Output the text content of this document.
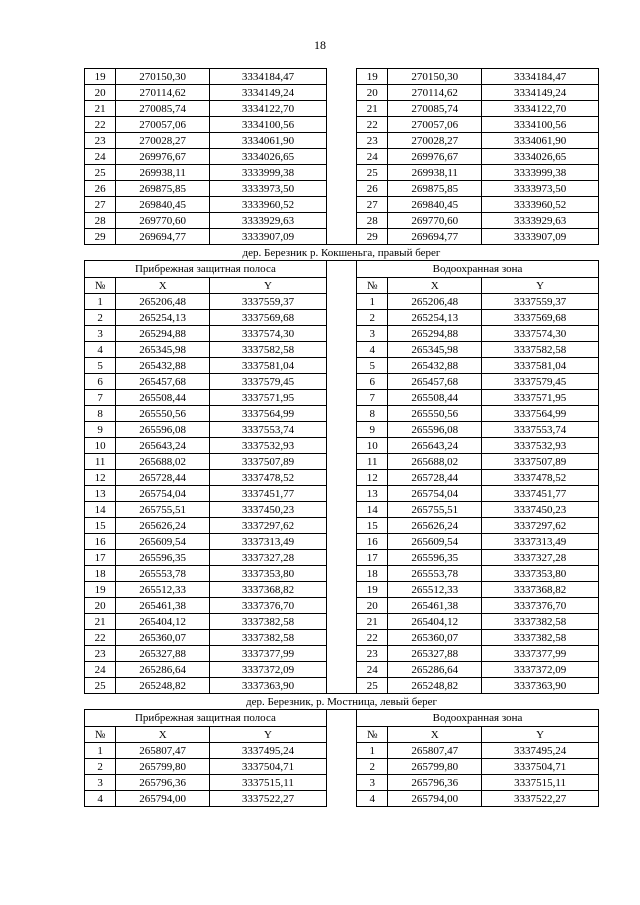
18
19	270150,30	3334184,47		19	270150,30	3334184,47
20	270114,62	3334149,24		20	270114,62	3334149,24
21	270085,74	3334122,70		21	270085,74	3334122,70
22	270057,06	3334100,56		22	270057,06	3334100,56
23	270028,27	3334061,90		23	270028,27	3334061,90
24	269976,67	3334026,65		24	269976,67	3334026,65
25	269938,11	3333999,38		25	269938,11	3333999,38
26	269875,85	3333973,50		26	269875,85	3333973,50
27	269840,45	3333960,52		27	269840,45	3333960,52
28	269770,60	3333929,63		28	269770,60	3333929,63
29	269694,77	3333907,09		29	269694,77	3333907,09
дер. Березник р. Кокшеньга, правый берег						
Прибрежная защитная полоса				Водоохранная зона		
№	X	Y		№	X	Y
1	265206,48	3337559,37		1	265206,48	3337559,37
2	265254,13	3337569,68		2	265254,13	3337569,68
3	265294,88	3337574,30		3	265294,88	3337574,30
4	265345,98	3337582,58		4	265345,98	3337582,58
5	265432,88	3337581,04		5	265432,88	3337581,04
6	265457,68	3337579,45		6	265457,68	3337579,45
7	265508,44	3337571,95		7	265508,44	3337571,95
8	265550,56	3337564,99		8	265550,56	3337564,99
9	265596,08	3337553,74		9	265596,08	3337553,74
10	265643,24	3337532,93		10	265643,24	3337532,93
11	265688,02	3337507,89		11	265688,02	3337507,89
12	265728,44	3337478,52		12	265728,44	3337478,52
13	265754,04	3337451,77		13	265754,04	3337451,77
14	265755,51	3337450,23		14	265755,51	3337450,23
15	265626,24	3337297,62		15	265626,24	3337297,62
16	265609,54	3337313,49		16	265609,54	3337313,49
17	265596,35	3337327,28		17	265596,35	3337327,28
18	265553,78	3337353,80		18	265553,78	3337353,80
19	265512,33	3337368,82		19	265512,33	3337368,82
20	265461,38	3337376,70		20	265461,38	3337376,70
21	265404,12	3337382,58		21	265404,12	3337382,58
22	265360,07	3337382,58		22	265360,07	3337382,58
23	265327,88	3337377,99		23	265327,88	3337377,99
24	265286,64	3337372,09		24	265286,64	3337372,09
25	265248,82	3337363,90		25	265248,82	3337363,90
дер. Березник, р. Мостница, левый берег						
Прибрежная защитная полоса				Водоохранная зона		
№	X	Y		№	X	Y
1	265807,47	3337495,24		1	265807,47	3337495,24
2	265799,80	3337504,71		2	265799,80	3337504,71
3	265796,36	3337515,11		3	265796,36	3337515,11
4	265794,00	3337522,27		4	265794,00	3337522,27
